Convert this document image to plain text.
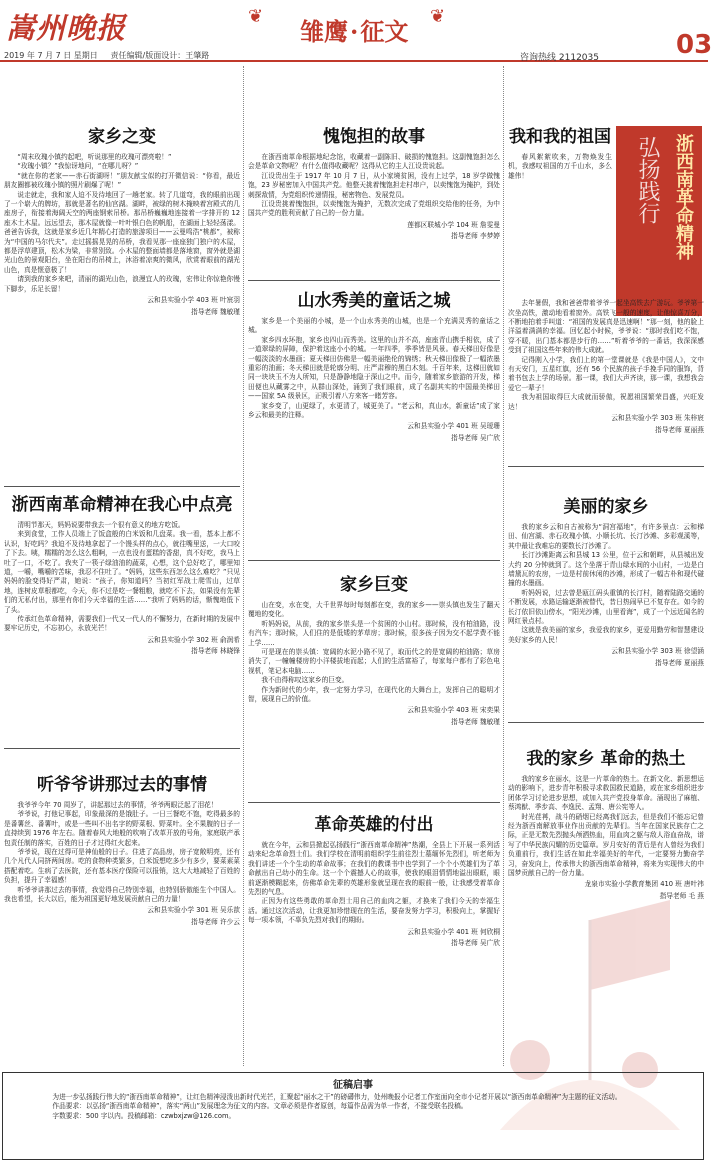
嵩州晚报	雏鹰·征文
❦	❦
2019 年 7 月 7 日 星期日 责任编辑/版面设计：王肇路	咨询热线 2112035	03
家乡之变

“周末玫瑰小镇约起吧，听说那里的玫瑰可漂亮啦！”

“玫瑰小镇？”我惊讶地问，“在哪儿呀？”

“就在你的老家——赤石街湖呀！”朋友献宝似的打开微信说：“你看，最近朋友圈都被玫瑰小镇的照片刷爆了呢！”

说走就走，我和家人迫不及待地回了一趟老家。转了几道弯，我的眼前出现了一个崭大的牌坊，那就是著名的仙宫湖。湖畔，被绿的树木掩映着宫殿式的几座房子，衔接着海阔天空的两座钢索吊桥。那吊桥巍巍地连接着一字排开的 12 座木土木屋。远远望去，那木屋就像一叶叶银白色的帆船，在湖面上轻轻荡漾。爸爸告诉我，这就是家乡近几年精心打造的旅游项目——云曼鸣浩“桃都”，被称为“中国的马尔代夫”。走过摇摇晃晃的吊桥，我看见那一座座独门独户的木屋，都是浮草建顶，松木为梁，非常别致。小木屋的整面墙都是落地窗，窗外就是湖光山色的景观阳台，坐在阳台的吊椅上，沐浴着凉爽的微风，欣赏着眼前的湖光山色，真是惬意极了！

请到我的家乡来吧，清丽的湖光山色，浪漫宜人的玫瑰，宏伟让你惊艳你慢下脚步，乐足长留！

云和县实验小学 403 班 叶宸羽

指导老师 魏敏瑾

浙西南革命精神在我心中点亮

清明节那天，妈妈说要带我去一个很有意义的地方吃饭。

来到食堂，工作人员端上了饭盒般的白米饭和几盘菜。我一看，基本上都不认识，好吃吗？我迫不及待地拿起了一个馒头样的点心，就往嘴里送，一大口咬了下去。咦，糯糯的怎么这么粗啊，一点也没有蛋糕的香甜，真不好吃，我马上吐了一口，不吃了。我夹了一筷子绿油油的蔬菜，心想，这个总好吃了，哪里知道，一嚼，嘴嚼的苦味，我忍不住吐了。“妈妈，这些东西怎么这么难吃？”只见妈妈的脸变得好严肃，她说：“孩子，你知道吗？当初红军战士爬雪山，过草地，连树皮草根都吃，今天，你不过是吃一餐粗粮，就吃不下去，如果没有先辈们的无私付出，那里有你们今天幸福的生活……”我听了妈妈的话，惭愧地低下了头。

传承红色革命精神，需要我们一代又一代人的不懈努力，在新时期的发展中要牢记历史，不忘初心，永放光芒！

云和县实验小学 302 班 俞润希

指导老师 林晓锋

听爷爷讲那过去的事情

我爷爷今年 70 周岁了，讲起那过去的事情，爷爷两眼泛起了泪花！

爷爷说，打他记事起，印象最深的是饿肚子。一日三餐吃不饱，吃得最多的是番薯丝、番薯叶，或是一些叫不出名字的野菜根、野菜叶。全不果腹的日子一直持续到 1976 年左右。随着春风大地般的吹响了改革开放的号角，家庭联产承包责任制的落实，百姓的日子才过得红火起来。

爷爷说，现在过得可是神仙般的日子。住进了高品房，房子宽敞明亮，还有几个凡代人同挤两间房。吃的食物种类繁多，白米饭想吃多少有多少，要菜素菜搭配着吃。生病了去医院，还有基本医疗保险可以报销，这大大地减轻了百姓的负担，提升了幸福感！

听爷爷讲那过去的事情，我觉得自己特别幸福，也特别骄傲能生个中国人。我也希望，长大以后，能为祖国更好地发展贡献自己的力量！

云和县实验小学 301 班 吴乐歆

指导老师 许少云

愧饱担的故事

在浙西南革命根据地纪念馆，收藏着一副陈旧、破损的愧饱担。这副愧饱担怎么会是革命文物呢？有什么值得收藏呢？这得从它的主人江设贵说起。

江设贵出生于 1917 年 10 月 7 日，从小家境贫困，没有上过学，18 岁学做愧饱，23 岁秘密加入中国共产党。他整天挑着愧饱担走村串户，以卖愧饱为掩护，到处刺探敌情，为党组织传递情报，秘密物色、发展党员。

江设贵挑着愧饱担，以卖愧饱为掩护，无数次完成了党组织交给他的任务，为中国共产党的胜利贡献了自己的一份力量。

莲都区联城小学 104 班 詹雯曼

指导老师 李梦婷

山水秀美的童话之城

家乡是一个美丽的小城，是一个山水秀美的山城，也是一个充满灵秀的童话之城。

家乡四水环抱，家乡也四山而秀美。这里的山并不高，座座青山携手相依，成了一道翠绿的屏障，保护着这座小小的城。一年四季，季季皆是风景。春天梯田好像是一幅淡淡的水墨画；夏天梯田仿佛是一幅美丽绝伦的锦绣；秋天梯田像极了一幅浓墨重彩的油画；冬天梯田就是轮廓分明、庄严肃穆的黑白木刻。千百年来，这梯田就如同一块块玉不为人所知，只是静静地隐于深山之中。而今，随着家乡旅游的开发，梯田便也从藏雾之中，从群山深处，涌到了我们眼前，成了名副其实的中国最美梯田——国家 5A 级景区，正吸引着八方来客一睹芳容。

家乡变了，山更绿了，水更清了，城更美了。“老云和，真山水，新童话”成了家乡云和最美的注释。

云和县实验小学 401 班 吴瑷珊

指导老师 吴广欣

家乡巨变

山在变，水在变，大千世界每时每刻都在变，我的家乡——崇头镇也发生了翻天覆地的变化。

听妈妈说，从前，我的家乡崇头是一个贫困的小山村。那时候，没有柏油路，没有汽车；那时候，人们住的是低矮的茅草房；那时候，很多孩子因为交不起学费不能上学……

可是现在的崇头镇：宽阔的水泥小路不见了，取而代之的是宽阔的柏油路；草房消失了，一幢幢楼房的小洋楼拔地而起；人们的生活富裕了，每家每户都有了彩色电视机，笔记本电脑……

我不由得称叹这家乡的巨变。

作为新时代的少年，我一定努力学习，在现代化的大舞台上，发挥自己的聪明才智，展现自己的价值。

云和县实验小学 403 班 宋奕果

指导老师 魏敏瑾

革命英雄的付出

就在今年，云和县掀起弘扬践行“浙西南革命精神”热潮，全县上下开展一系列活动来纪念革命烈士们。我们学校在清明前组织学生前往烈士墓缅怀先烈们，听老师为我们讲述一个个生动的革命故事；在我们的教课书中也学到了一个个小英雄们为了革命献出自己幼小的生命。这一个个震撼人心的故事，使我的眼泪情情地溢出眼眶，眼前逐渐模糊起来，仿佛革命先辈的英雄形象就呈现在我的眼前一般，让我感受着革命先烈的气息。

正因为有这些勇敢的革命烈士用自己的血肉之躯，才换来了我们今天的幸福生活。通过这次活动，让我更加珍惜现在的生活，要奋发努力学习，积极向上，掌握好每一项本领，不辜负先烈对我们的期盼。

云和县实验小学 401 班 何欣桐

指导老师 吴广欣

弘扬践行 浙西南革命精神
我和我的祖国

春风絮絮吹来，万物焕发生机，我感叹祖国的万千山水，多么雄伟！

去年暑假，我和爸爸带着爷爷一起坐高铁去广游玩。爷爷第一次坐高铁，激动地看着窗外。高铁飞一般的速度，让他惊喜万分，不断地拍着手叫道：“祖国的发展真是迅速啊！”那一刻，他的脸上洋溢着满满的幸福。回忆起小时候，爷爷说：“那时我们吃不饱，穿不暖，出门基本都是步行的……”听着爷爷的一番话，我深深感受到了祖国这些年来的伟大成就。

记得刚入小学，我们上的第一堂课就是《我是中国人》，文中有天安门，五星红旗，还有 56 个民族的孩子手挽手同的服饰，背着书包去上学的场景。那一课，我们大声齐读，那一课，我想我会爱它一辈子！

我为祖国取得巨大成就而骄傲，祝愿祖国繁荣昌盛，兴旺发达！

云和县实验小学 303 班 朱梓宸

指导老师 夏丽燕

美丽的家乡

我的家乡云和自古被称为“洞宫福地”，有许多景点：云和梯田、仙宫湖、赤石玫瑰小镇、小顺长坑、长汀沙滩、多彩观溪等，其中最让我难忘的要数长汀沙滩了。

长汀沙滩距离云和县城 13 公里，位于云和朝畔，从县城出发大约 20 分钟就到了。这个坐落于青山绿水间的小山村，一边是白墙黛瓦的农房，一边是村前休闲的沙滩，形成了一幅古朴和现代碰撞的水墨画。

听妈妈说，过去曾是瓯江码头重镇的长汀村，随着陆路交通的不断发展，水路运输逐渐被替代，昔日热闹早已不复存在。如今的长汀依旧依山傍水，“阳光沙滩，山里看海”，成了一个远近闻名的网红景点村。

这就是我美丽的家乡，我爱我的家乡，更爱用勤劳和智慧建设美好家乡的人民！

云和县实验小学 303 班 徐望涵

指导老师 夏丽燕

我的家乡 革命的热土

我的家乡在丽水，这是一片革命的热土。在新文化、新思想运动的影响下，进步青年积极寻求救国救民道路，或在家乡组织进步团体学习讨论进步思想，或加入共产党投身革命。涌现出了麻植、蔡鸿猷、季步高、李逸民、孟翔、唐公宪等人。

时光荏苒，战斗的硝烟已经离我们远去，但是我们不能忘记曾经为浙西南解放事业作出贡献的先辈们。当年在国家民族存亡之际，正是无数先烈抛头颅洒热血，用血肉之躯与敌人浴血奋战，谱写了中华民族闪耀的历史篇章。岁月安好的背后是有人曾经为我们负重前行，我们生活在如此幸福美好的年代，一定要努力勤奋学习，奋发向上，传承伟大的浙西南革命精神，将来为实现伟大的中国梦贡献自己的一份力量。

龙泉市实验小学教育集团 410 班 唐叶祎

指导老师 毛 燕

征稿启事

为进一步弘扬践行伟大的“浙西南革命精神”，让红色精神浸泼出新时代光芒，汇聚起“丽水之干”的磅礴伟力，处州晚报小记者工作室面向全市小记者开展以“浙西南革命精神”为主题的征文活动。

作品要求：以弘扬“浙西南革命精神”，落实“两山”发展理念为征文的内容。文章必须是作者原创，每篇作品需为单一作者，不接受联名投稿。

字数要求：500 字以内。投稿邮箱：czwbxjzw@126.com。
